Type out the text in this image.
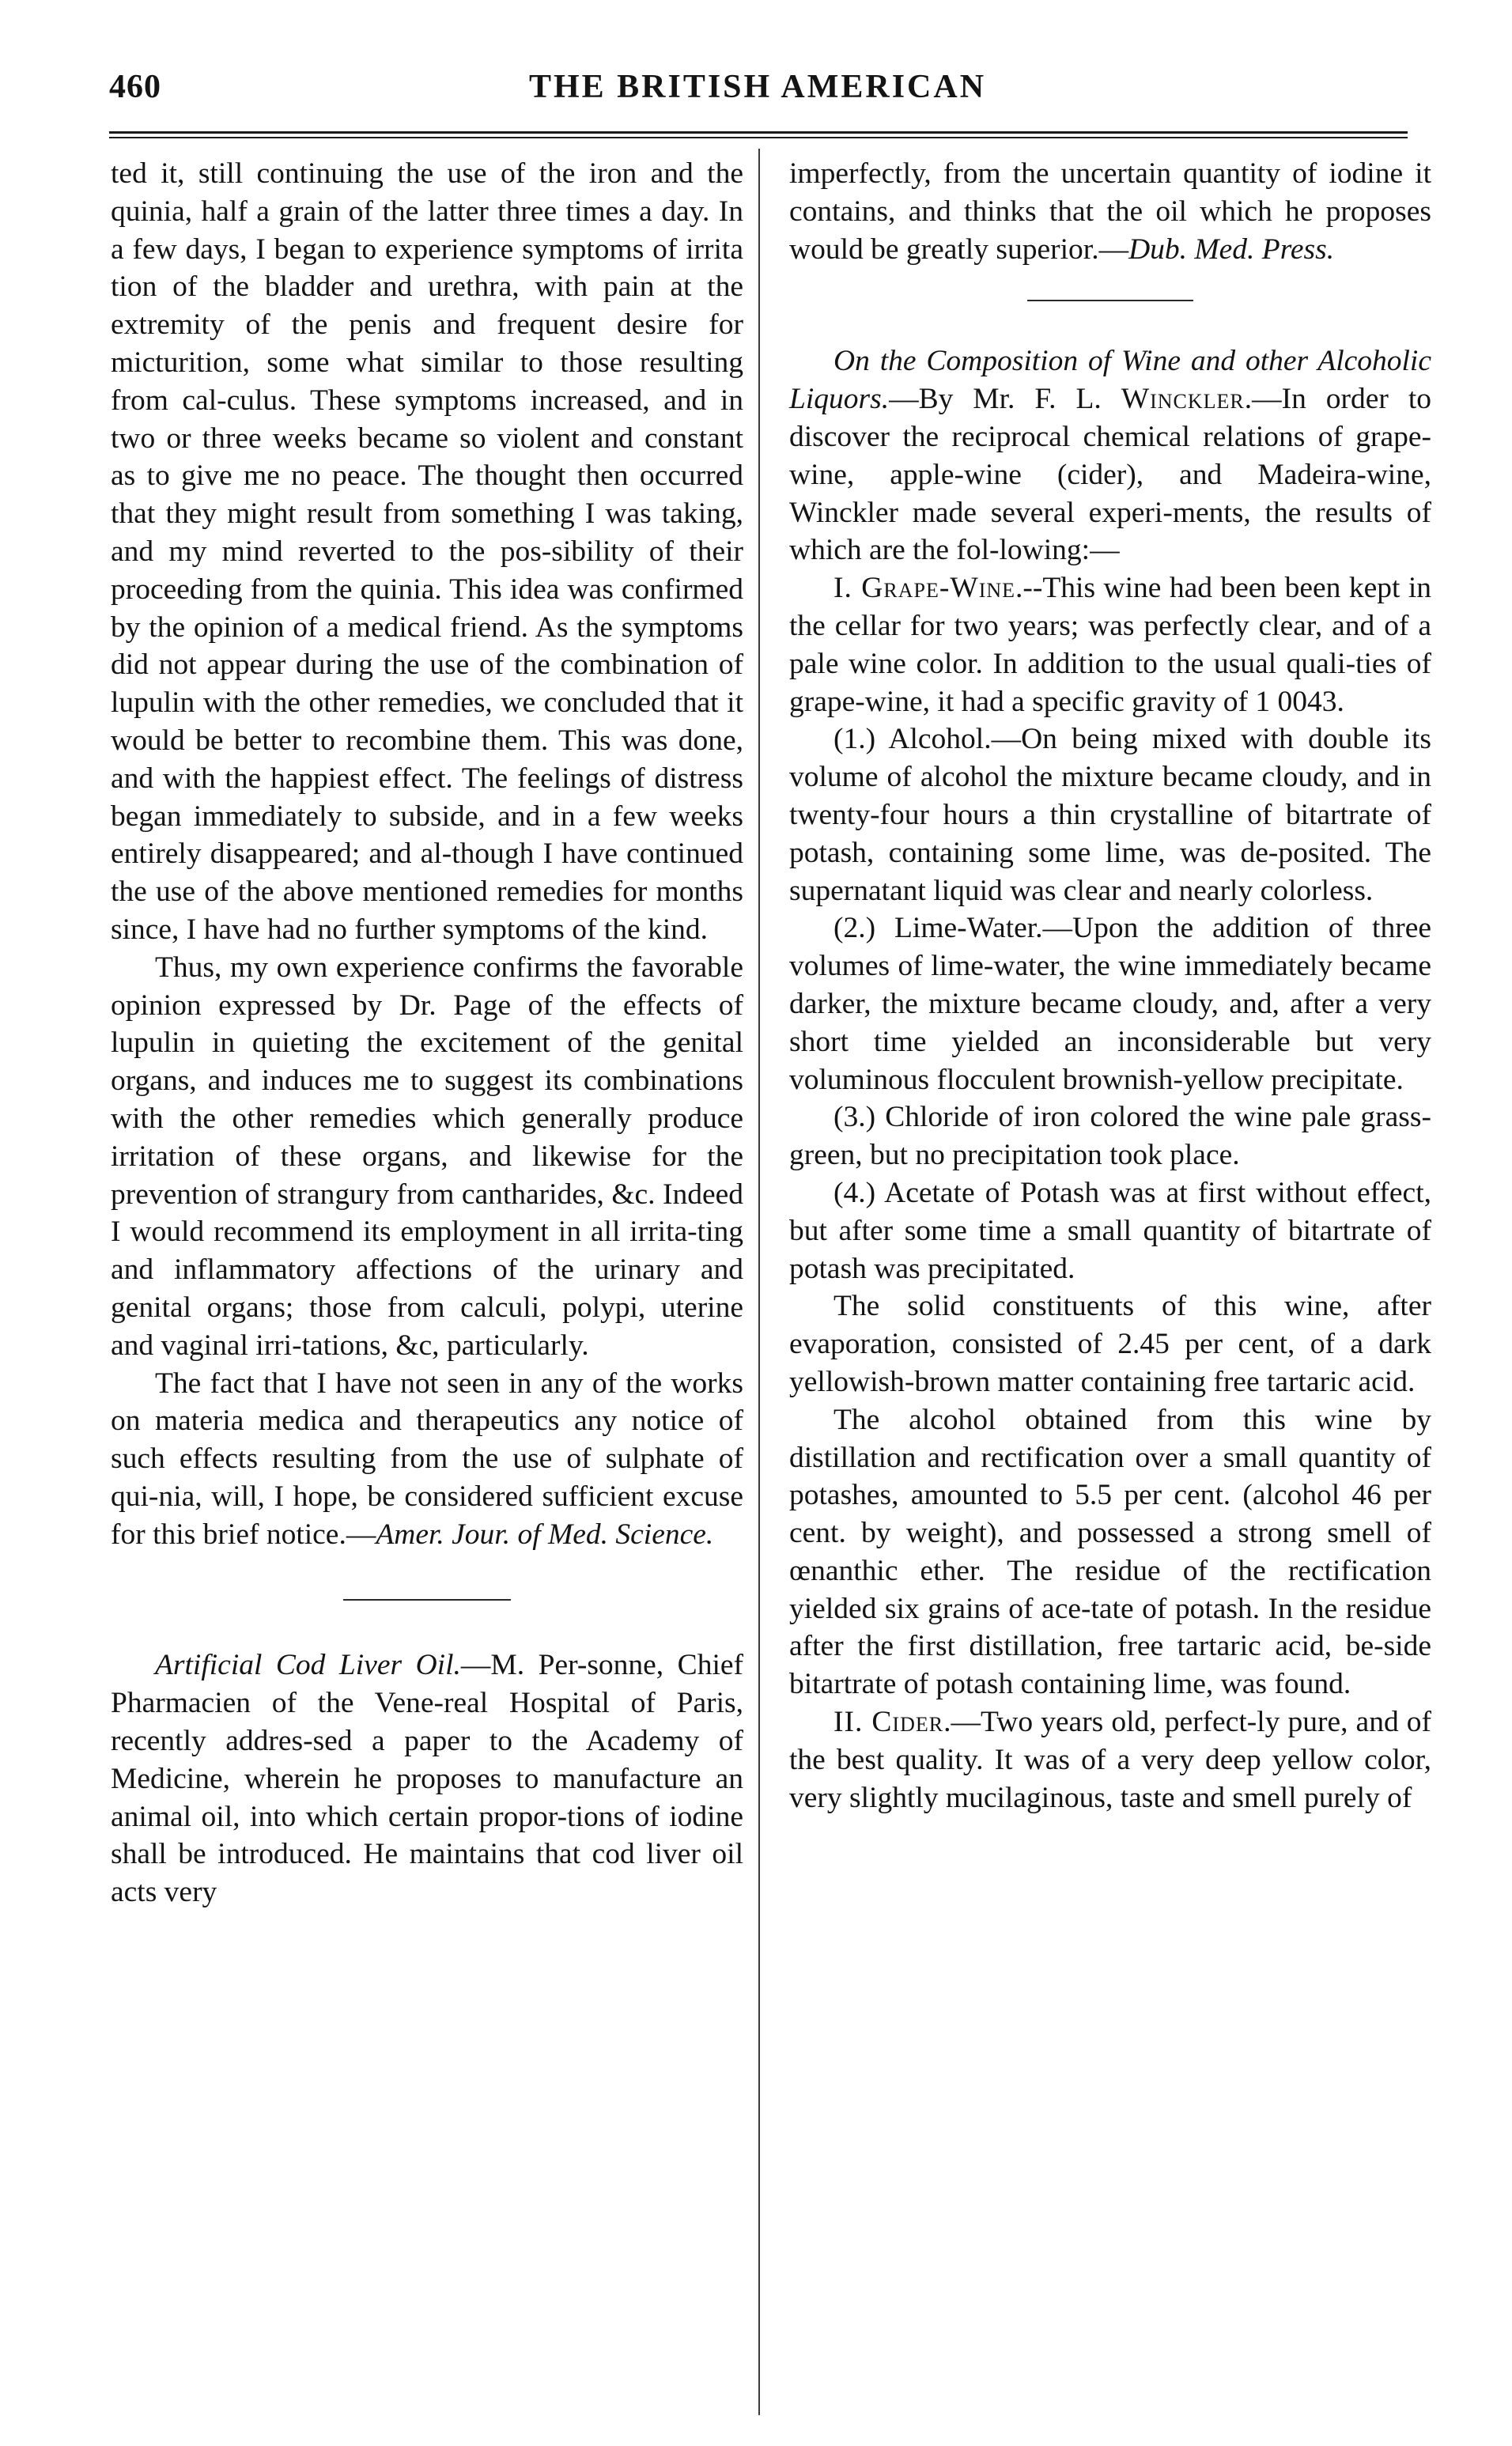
460	THE BRITISH AMERICAN

ted it, still continuing the use of the iron and the quinia, half a grain of the latter three times a day. In a few days, I began to experience symptoms of irrita tion of the bladder and urethra, with pain at the extremity of the penis and frequent desire for micturition, some what similar to those resulting from cal-culus. These symptoms increased, and in two or three weeks became so violent and constant as to give me no peace. The thought then occurred that they might result from something I was taking, and my mind reverted to the pos-sibility of their proceeding from the quinia. This idea was confirmed by the opinion of a medical friend. As the symptoms did not appear during the use of the combination of lupulin with the other remedies, we concluded that it would be better to recombine them. This was done, and with the happiest effect. The feelings of distress began immediately to subside, and in a few weeks entirely disappeared; and al-though I have continued the use of the above mentioned remedies for months since, I have had no further symptoms of the kind.

Thus, my own experience confirms the favorable opinion expressed by Dr. Page of the effects of lupulin in quieting the excitement of the genital organs, and induces me to suggest its combinations with the other remedies which generally produce irritation of these organs, and likewise for the prevention of strangury from cantharides, &c. Indeed I would recommend its employment in all irrita-ting and inflammatory affections of the urinary and genital organs; those from calculi, polypi, uterine and vaginal irri-tations, &c, particularly.

The fact that I have not seen in any of the works on materia medica and therapeutics any notice of such effects resulting from the use of sulphate of qui-nia, will, I hope, be considered sufficient excuse for this brief notice.—Amer. Jour. of Med. Science.

Artificial Cod Liver Oil.—M. Per-sonne, Chief Pharmacien of the Vene-real Hospital of Paris, recently addres-sed a paper to the Academy of Medicine, wherein he proposes to manufacture an animal oil, into which certain propor-tions of iodine shall be introduced. He maintains that cod liver oil acts very

imperfectly, from the uncertain quantity of iodine it contains, and thinks that the oil which he proposes would be greatly superior.—Dub. Med. Press.

On the Composition of Wine and other Alcoholic Liquors.—By Mr. F. L. Winckler.—In order to discover the reciprocal chemical relations of grape-wine, apple-wine (cider), and Madeira-wine, Winckler made several experi-ments, the results of which are the fol-lowing:—

I. Grape-Wine.--This wine had been been kept in the cellar for two years; was perfectly clear, and of a pale wine color. In addition to the usual quali-ties of grape-wine, it had a specific gravity of 1 0043.

(1.) Alcohol.—On being mixed with double its volume of alcohol the mixture became cloudy, and in twenty-four hours a thin crystalline of bitartrate of potash, containing some lime, was de-posited. The supernatant liquid was clear and nearly colorless.

(2.) Lime-Water.—Upon the addition of three volumes of lime-water, the wine immediately became darker, the mixture became cloudy, and, after a very short time yielded an inconsiderable but very voluminous flocculent brownish-yellow precipitate.

(3.) Chloride of iron colored the wine pale grass-green, but no precipitation took place.

(4.) Acetate of Potash was at first without effect, but after some time a small quantity of bitartrate of potash was precipitated.

The solid constituents of this wine, after evaporation, consisted of 2.45 per cent, of a dark yellowish-brown matter containing free tartaric acid.

The alcohol obtained from this wine by distillation and rectification over a small quantity of potashes, amounted to 5.5 per cent. (alcohol 46 per cent. by weight), and possessed a strong smell of œnanthic ether. The residue of the rectification yielded six grains of ace-tate of potash. In the residue after the first distillation, free tartaric acid, be-side bitartrate of potash containing lime, was found.

II. Cider.—Two years old, perfect-ly pure, and of the best quality. It was of a very deep yellow color, very slightly mucilaginous, taste and smell purely of
